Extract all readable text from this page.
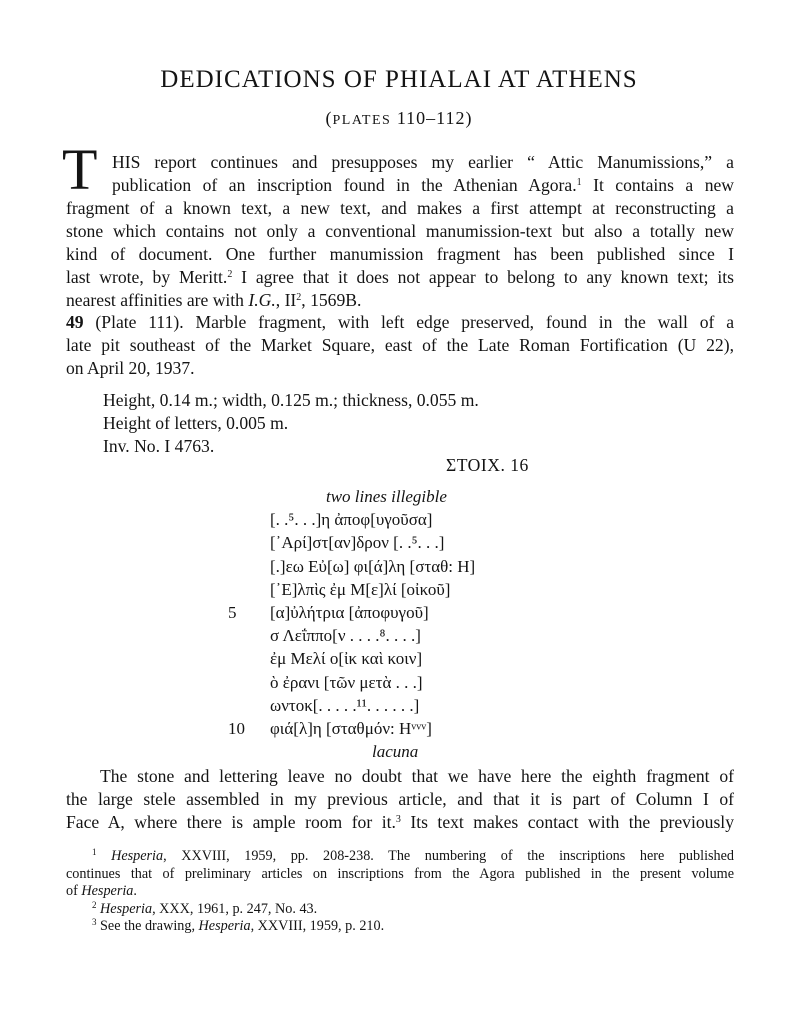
DEDICATIONS OF PHIALAI AT ATHENS
(PLATES 110–112)
T HIS report continues and presupposes my earlier “ Attic Manumissions,” a
publication of an inscription found in the Athenian Agora.$^1$ It contains a new
fragment of a known text, a new text, and makes a first attempt at reconstructing a
stone which contains not only a conventional manumission-text but also a totally new
kind of document. One further manumission fragment has been published since I
last wrote, by Meritt.$^2$ I agree that it does not appear to belong to any known text; its
nearest affinities are with I.G., $II^2$, 1569B.
49 (Plate 111). Marble fragment, with left edge preserved, found in the wall of a
late pit southeast of the Market Square, east of the Late Roman Fortification (U 22),
on April 20, 1937.
Height, 0.14 m.; width, 0.125 m.; thickness, 0.055 m.
Height of letters, 0.005 m.
Inv. No. I 4763.
ΣΤΟΙΧ. 16
two lines illegible
[. .⁵. . .]η ἀποφ[υγοῦσα]
[᾽Αρί]στ[αν]δρον [. .⁵. . .]
[.]εω Εὐ[ω] φι[ά]λη [σταθ: H]
[᾽Ε]λπὶς ἐμ Μ[ε]λί [οἰκοῦ]
5	[α]ὐλήτρια [ἀποφυγοῦ]
σ Λεΐππο[ν . . . .⁸. . . .]
ἐμ Μελί ο[ἰκ καὶ κοιν]
ὸ ἐρανι [τῶν μετὰ . . .]
ωντοκ[. . . . .¹¹. . . . . .]
10 φιά[λ]η [σταθμόν: Hᵛᵛᵛ]
lacuna
The stone and lettering leave no doubt that we have here the eighth fragment of
the large stele assembled in my previous article, and that it is part of Column I of
Face A, where there is ample room for it.$^3$ Its text makes contact with the previously
$^1$ Hesperia, XXVIII, 1959, pp. 208-238. The numbering of the inscriptions here published
continues that of preliminary articles on inscriptions from the Agora published in the present volume
of Hesperia.
$^2$ Hesperia, XXX, 1961, p. 247, No. 43.
$^3$ See the drawing, Hesperia, XXVIII, 1959, p. 210.
